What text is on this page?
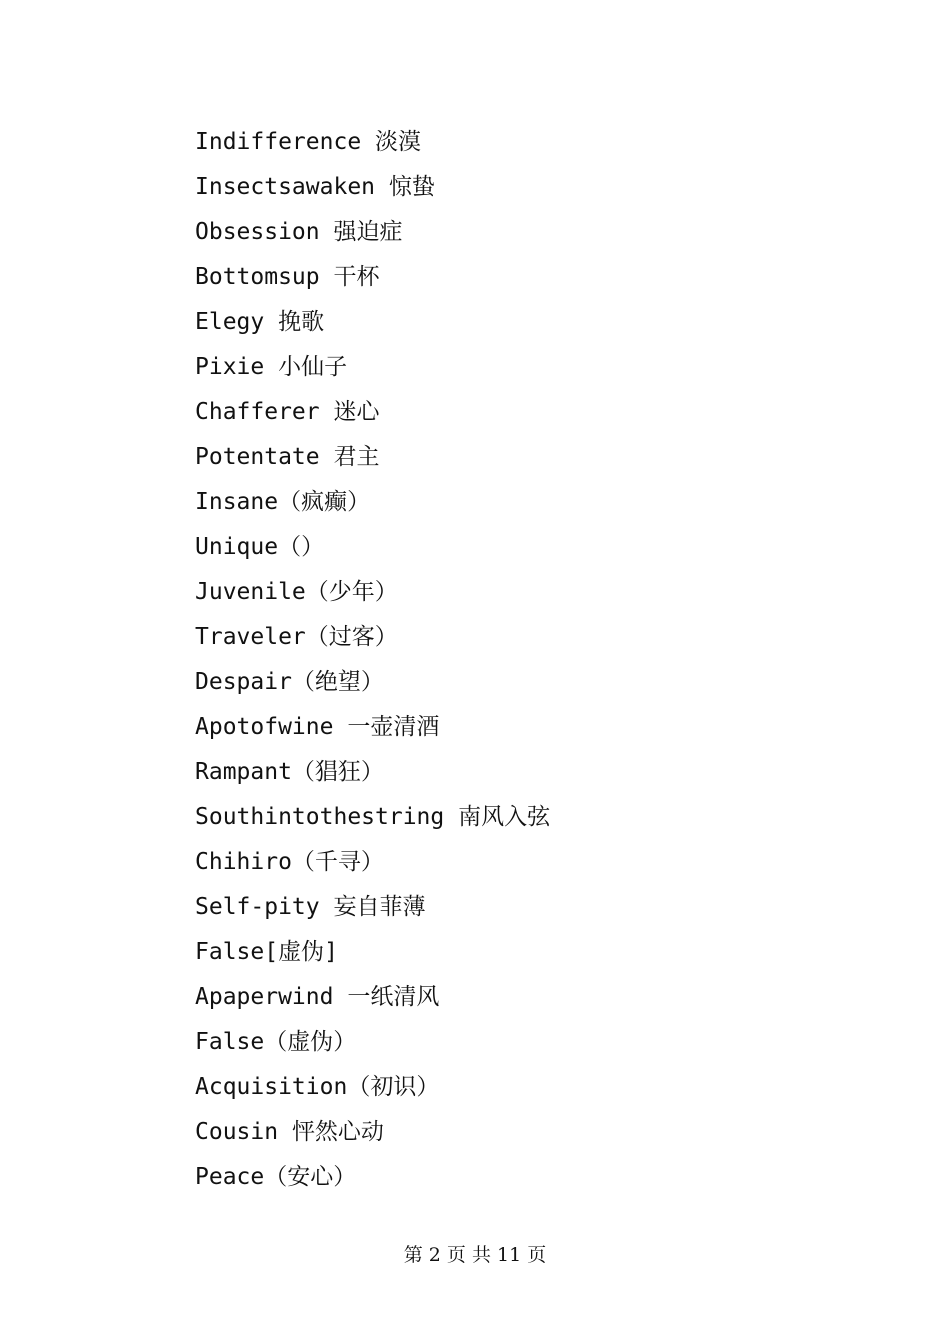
Indifference 淡漠
Insectsawaken 惊蛰
Obsession 强迫症
Bottomsup 干杯
Elegy 挽歌
Pixie 小仙子
Chafferer 迷心
Potentate 君主
Insane（疯癫）
Unique（）
Juvenile（少年）
Traveler（过客）
Despair（绝望）
Apotofwine 一壶清酒
Rampant（猖狂）
Southintothestring 南风入弦
Chihiro（千寻）
Self-pity 妄自菲薄
False[虚伪]
Apaperwind 一纸清风
False（虚伪）
Acquisition（初识）
Cousin 怦然心动
Peace（安心）
第 2 页 共 11 页
